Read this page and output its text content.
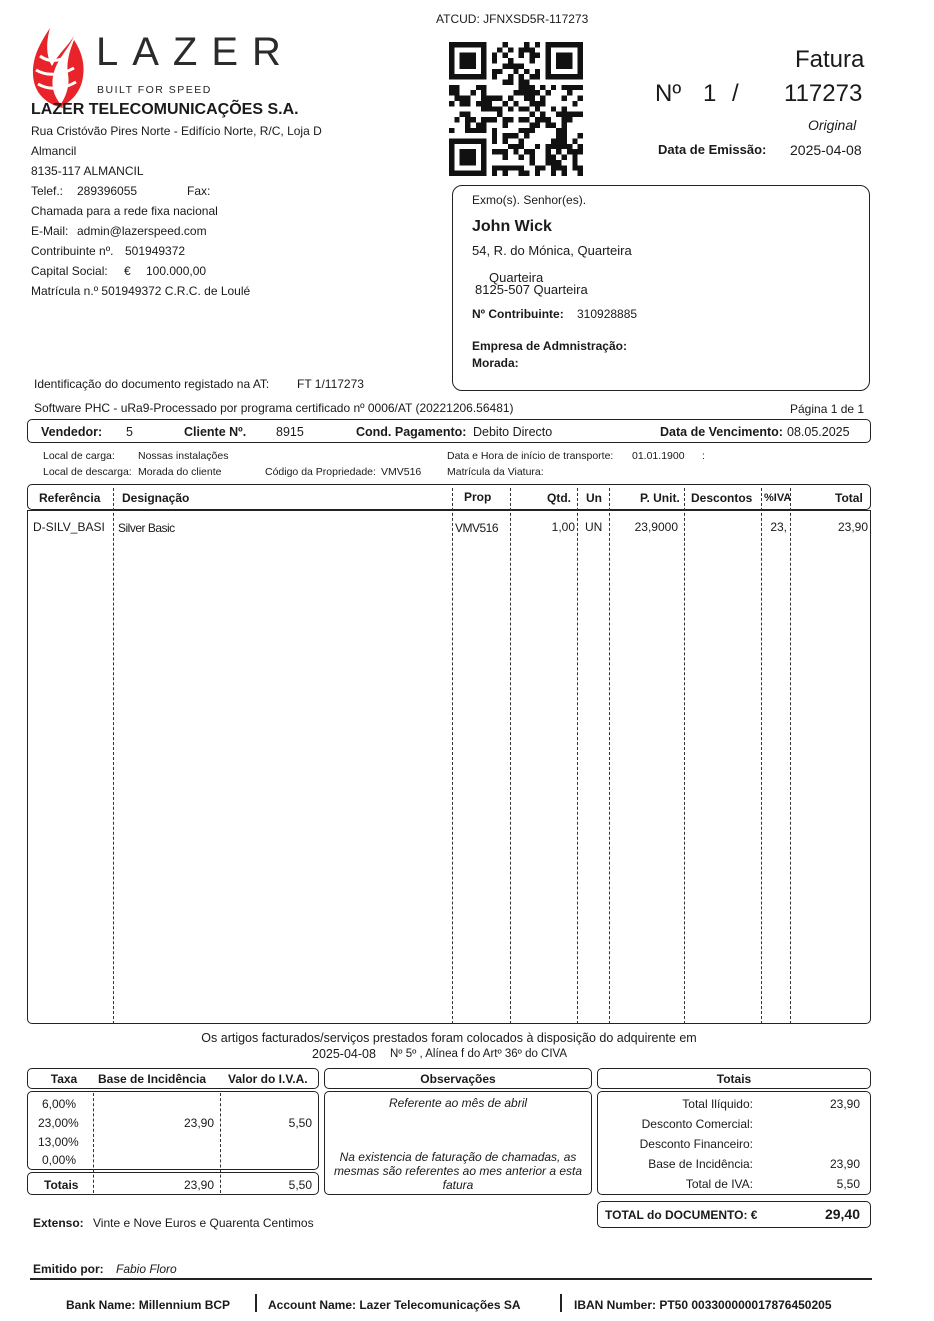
ATCUD: JFNXSD5R-117273
LAZER
BUILT FOR SPEED
LAZER TELECOMUNICAÇÕES S.A.
Rua Cristóvão Pires Norte - Edifício Norte, R/C, Loja D
Almancil
8135-117 ALMANCIL
Telef.: 289396055	Fax:
Chamada para a rede fixa nacional
E-Mail: admin@lazerspeed.com
Contribuinte nº. 501949372
Capital Social: € 100.000,00
Matrícula n.º 501949372 C.R.C. de Loulé
Fatura
Nº 1 / 117273
Original
Data de Emissão: 2025-04-08
Exmo(s). Senhor(es).
John Wick
54, R. do Mónica, Quarteira
Quarteira
8125-507 Quarteira
Nº Contribuinte: 310928885
Empresa de Admnistração:
Morada:
Identificação do documento registado na AT: FT 1/117273
Software PHC - uRa9-Processado por programa certificado nº 0006/AT (20221206.56481)	Página 1 de 1
Vendedor: 5	Cliente Nº. 8915	Cond. Pagamento: Debito Directo	Data de Vencimento: 08.05.2025
Local de carga: Nossas instalações
Local de descarga: Morada do cliente	Código da Propriedade: VMV516
Data e Hora de início de transporte: 01.01.1900 :
Matrícula da Viatura:
Referência Designação	Prop	Qtd. Un	P. Unit. Descontos %IVA	Total
D-SILV_BASI Silver Basic	VMV516	1,00 UN	23,9000	23,	23,90
Os artigos facturados/serviços prestados foram colocados à disposição do adquirente em
2025-04-08 Nº 5º , Alínea f do Artº 36º do CIVA
Taxa	Base de Incidência Valor do I.V.A.
6,00%
23,00%	23,90	5,50
13,00%
0,00%
Totais	23,90	5,50
Observações
Referente ao mês de abril
Na existencia de faturação de chamadas, as mesmas são referentes ao mes anterior a esta fatura
Totais
Total Ilíquido:	23,90
Desconto Comercial:
Desconto Financeiro:
Base de Incidência:	23,90
Total de IVA:	5,50
TOTAL do DOCUMENTO: €	29,40
Extenso: Vinte e Nove Euros e Quarenta Centimos
Emitido por: Fabio Floro
Bank Name: Millennium BCP	Account Name: Lazer Telecomunicações SA	IBAN Number: PT50 003300000017876450205
